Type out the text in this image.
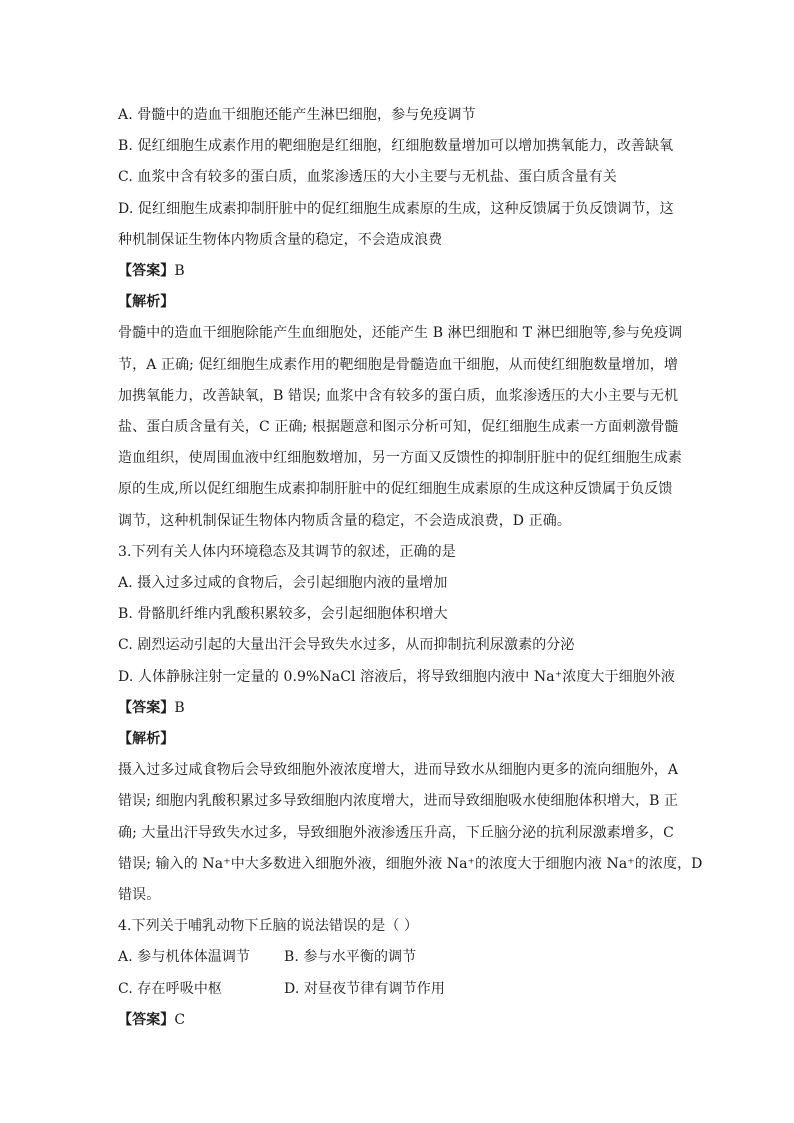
A. 骨髓中的造血干细胞还能产生淋巴细胞，参与免疫调节
B. 促红细胞生成素作用的靶细胞是红细胞，红细胞数量增加可以增加携氧能力，改善缺氧
C. 血浆中含有较多的蛋白质，血浆渗透压的大小主要与无机盐、蛋白质含量有关
D. 促红细胞生成素抑制肝脏中的促红细胞生成素原的生成，这种反馈属于负反馈调节，这
种机制保证生物体内物质含量的稳定，不会造成浪费
【答案】B
【解析】
骨髓中的造血干细胞除能产生血细胞处，还能产生 B 淋巴细胞和 T 淋巴细胞等,参与免疫调
节，A 正确; 促红细胞生成素作用的靶细胞是骨髓造血干细胞，从而使红细胞数量增加，增
加携氧能力，改善缺氧，B 错误; 血浆中含有较多的蛋白质，血浆渗透压的大小主要与无机
盐、蛋白质含量有关，C 正确; 根据题意和图示分析可知，促红细胞生成素一方面刺激骨髓
造血组织，使周围血液中红细胞数增加，另一方面又反馈性的抑制肝脏中的促红细胞生成素
原的生成,所以促红细胞生成素抑制肝脏中的促红细胞生成素原的生成这种反馈属于负反馈
调节，这种机制保证生物体内物质含量的稳定，不会造成浪费，D 正确。
3.下列有关人体内环境稳态及其调节的叙述，正确的是
A. 摄入过多过咸的食物后，会引起细胞内液的量增加
B. 骨骼肌纤维内乳酸积累较多，会引起细胞体积增大
C. 剧烈运动引起的大量出汗会导致失水过多，从而抑制抗利尿激素的分泌
D. 人体静脉注射一定量的 0.9%NaCl 溶液后，将导致细胞内液中 Na⁺浓度大于细胞外液
【答案】B
【解析】
摄入过多过咸食物后会导致细胞外液浓度增大，进而导致水从细胞内更多的流向细胞外，A
错误; 细胞内乳酸积累过多导致细胞内浓度增大，进而导致细胞吸水使细胞体积增大，B 正
确; 大量出汗导致失水过多，导致细胞外液渗透压升高，下丘脑分泌的抗利尿激素增多，C
错误; 输入的 Na⁺中大多数进入细胞外液，细胞外液 Na⁺的浓度大于细胞内液 Na⁺的浓度，D
错误。
4.下列关于哺乳动物下丘脑的说法错误的是（ ）
A. 参与机体体温调节	B. 参与水平衡的调节
C. 存在呼吸中枢	D. 对昼夜节律有调节作用
【答案】C
